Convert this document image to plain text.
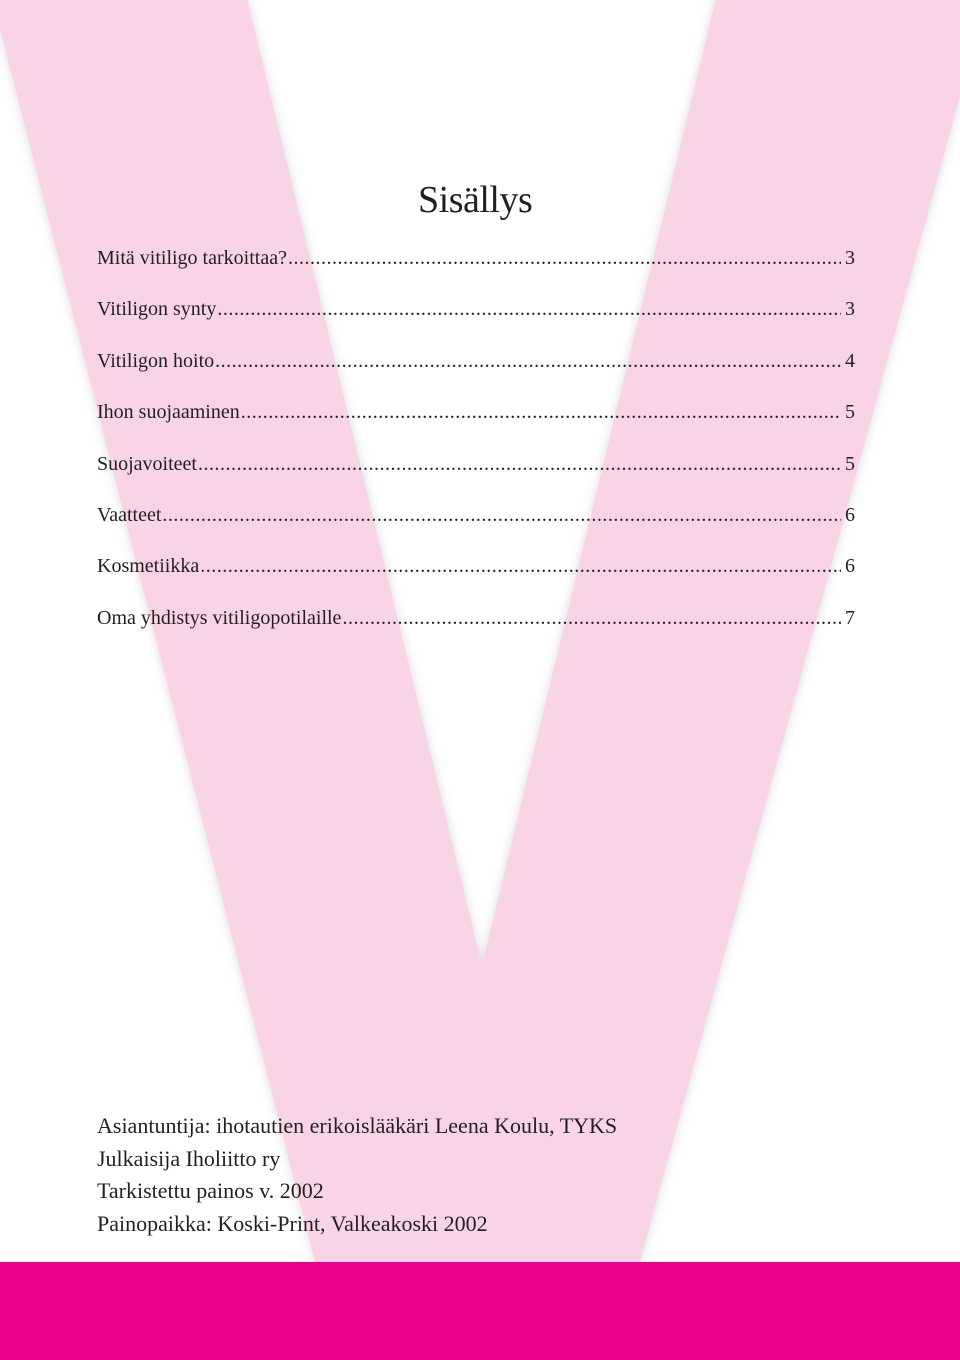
Sisällys
Mitä vitiligo tarkoittaa? .....	3
Vitiligon synty .....	3
Vitiligon hoito .....	4
Ihon suojaaminen .....	5
Suojavoiteet .....	5
Vaatteet .....	6
Kosmetiikka .....	6
Oma yhdistys vitiligopotilaille .....	7
Asiantuntija: ihotautien erikoislääkäri Leena Koulu, TYKS
Julkaisija Iholiitto ry
Tarkistettu painos v. 2002
Painopaikka: Koski-Print, Valkeakoski 2002
